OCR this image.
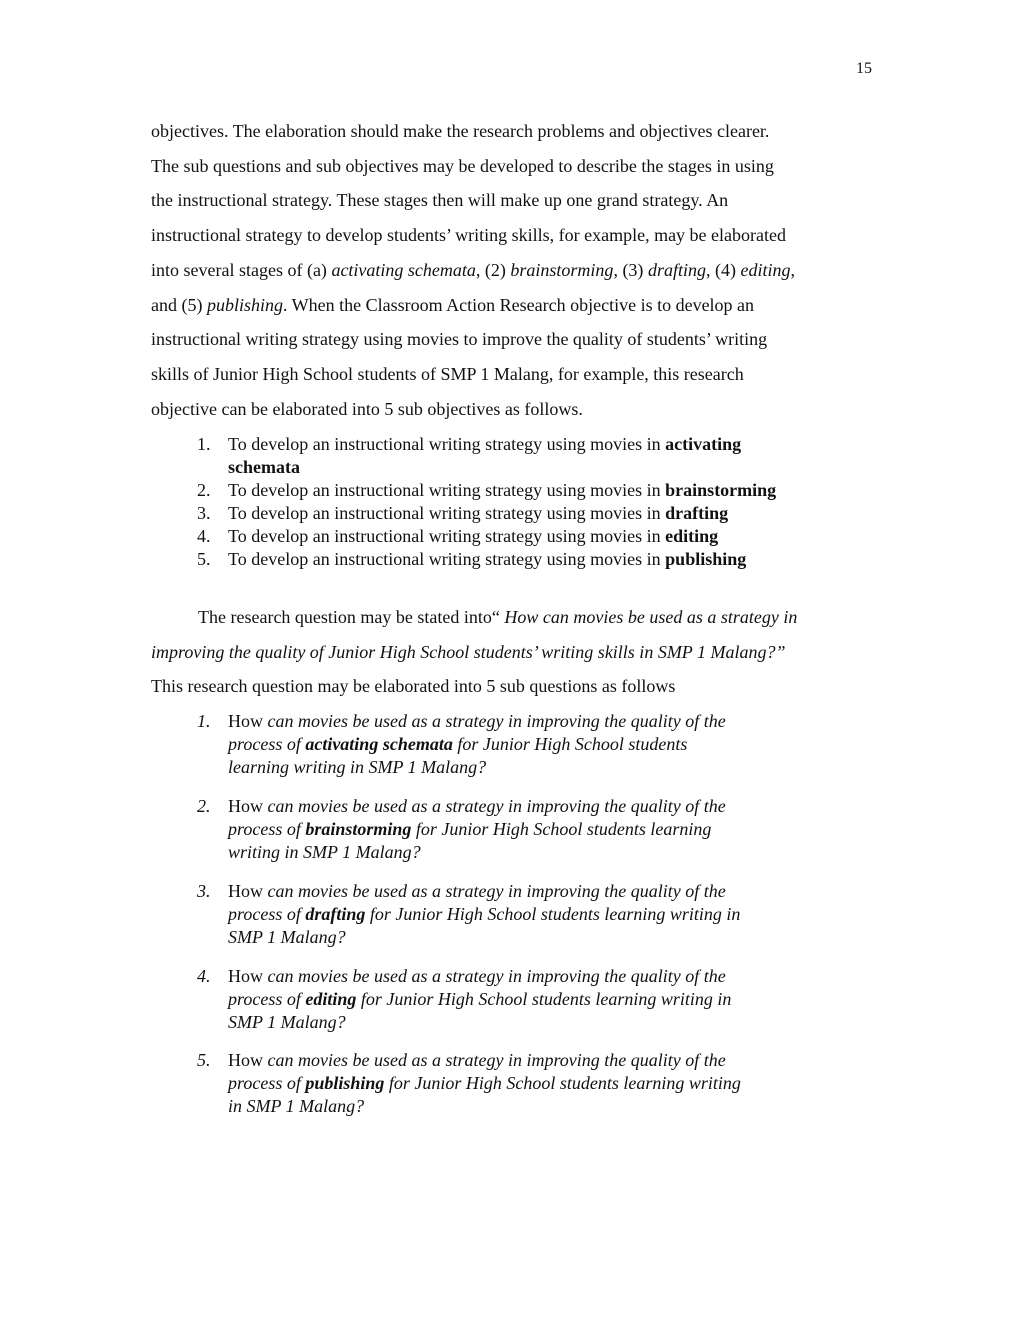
15

objectives. The elaboration should make the research problems and objectives clearer.

The sub questions and sub objectives may be developed to describe the stages in using

the instructional strategy. These stages then will make up one grand strategy. An

instructional strategy to develop students’ writing skills, for example, may be elaborated

into several stages of (a) activating schemata, (2) brainstorming, (3) drafting, (4) editing,

and (5) publishing. When the Classroom Action Research objective is to develop an

instructional writing strategy using movies to improve the quality of students’ writing

skills of Junior High School students of SMP 1 Malang, for example, this research

objective can be elaborated into 5 sub objectives as follows.

1. To develop an instructional writing strategy using movies in activating
schemata
2. To develop an instructional writing strategy using movies in brainstorming
3. To develop an instructional writing strategy using movies in drafting
4. To develop an instructional writing strategy using movies in editing
5. To develop an instructional writing strategy using movies in publishing

The research question may be stated into“ How can movies be used as a strategy in

improving the quality of Junior High School students’ writing skills in SMP 1 Malang?”

This research question may be elaborated into 5 sub questions as follows

1. How can movies be used as a strategy in improving the quality of the
process of activating schemata for Junior High School students
learning writing in SMP 1 Malang?
2. How can movies be used as a strategy in improving the quality of the
process of brainstorming for Junior High School students learning
writing in SMP 1 Malang?
3. How can movies be used as a strategy in improving the quality of the
process of drafting for Junior High School students learning writing in
SMP 1 Malang?
4. How can movies be used as a strategy in improving the quality of the
process of editing for Junior High School students learning writing in
SMP 1 Malang?
5. How can movies be used as a strategy in improving the quality of the
process of publishing for Junior High School students learning writing
in SMP 1 Malang?
